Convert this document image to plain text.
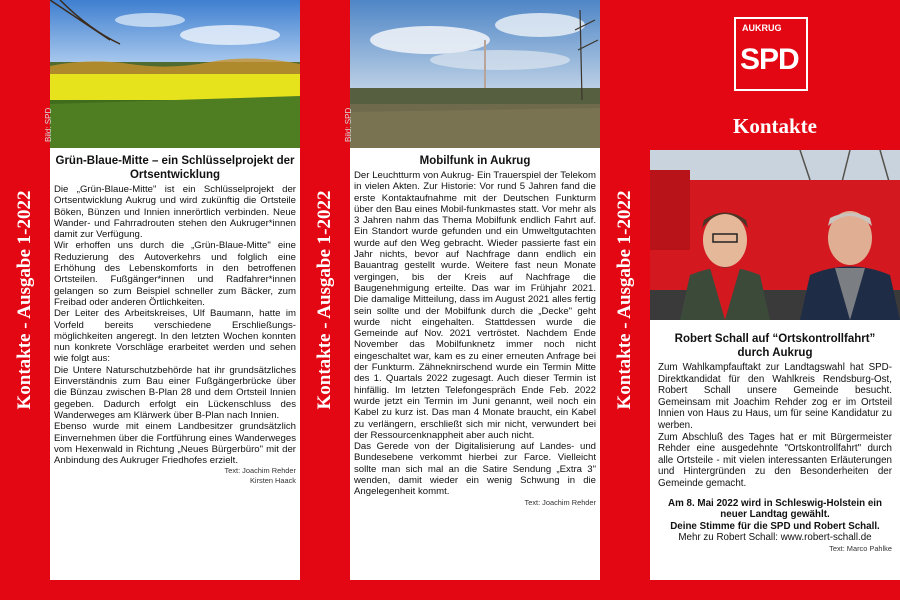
Kontakte - Ausgabe 1-2022	Kontakte - Ausgabe 1-2022	Kontakte - Ausgabe 1-2022
Bild: SPD
Grün-Blaue-Mitte – ein Schlüsselprojekt der Ortsentwicklung

Die „Grün-Blaue-Mitte" ist ein Schlüsselprojekt der Ortsentwicklung Aukrug und wird zukünftig die Ortsteile Böken, Bünzen und Innien innerörtlich verbinden. Neue Wander- und Fahrradrouten stehen den Aukruger*innen damit zur Verfügung.

Wir erhoffen uns durch die „Grün-Blaue-Mitte" eine Reduzierung des Autoverkehrs und folglich eine Erhöhung des Lebenskomforts in den betroffenen Ortsteilen. Fußgänger*innen und Radfahrer*innen gelangen so zum Beispiel schneller zum Bäcker, zum Freibad oder anderen Örtlichkeiten.

Der Leiter des Arbeitskreises, Ulf Baumann, hatte im Vorfeld bereits verschiedene Erschließungs-möglichkeiten angeregt. In den letzten Wochen konnten nun konkrete Vorschläge erarbeitet werden und sehen wie folgt aus:

Die Untere Naturschutzbehörde hat ihr grundsätzliches Einverständnis zum Bau einer Fußgängerbrücke über die Bünzau zwischen B-Plan 28 und dem Ortsteil Innien gegeben. Dadurch erfolgt ein Lückenschluss des Wanderweges am Klärwerk über B-Plan nach Innien.

Ebenso wurde mit einem Landbesitzer grundsätzlich Einvernehmen über die Fortführung eines Wanderweges vom Hexenwald in Richtung „Neues Bürgerbüro" mit der Anbindung des Aukruger Friedhofes erzielt.

Text: Joachim Rehder
Kirsten Haack
Bild: SPD
Mobilfunk in Aukrug

Der Leuchtturm von Aukrug- Ein Trauerspiel der Telekom in vielen Akten. Zur Historie: Vor rund 5 Jahren fand die erste Kontaktaufnahme mit der Deutschen Funkturm über den Bau eines Mobil-funkmastes statt. Vor mehr als 3 Jahren nahm das Thema Mobilfunk endlich Fahrt auf. Ein Standort wurde gefunden und ein Umweltgutachten wurde auf den Weg gebracht. Wieder passierte fast ein Jahr nichts, bevor auf Nachfrage dann endlich ein Bauantrag gestellt wurde. Weitere fast neun Monate vergingen, bis der Kreis auf Nachfrage die Baugenehmigung erteilte. Das war im Frühjahr 2021. Die damalige Mitteilung, dass im August 2021 alles fertig sein sollte und der Mobilfunk durch die „Decke" geht wurde nicht eingehalten. Stattdessen wurde die Gemeinde auf Nov. 2021 vertröstet. Nachdem Ende November das Mobilfunknetz immer noch nicht eingeschaltet war, kam es zu einer erneuten Anfrage bei der Funkturm. Zähneknirschend wurde ein Termin Mitte des 1. Quartals 2022 zugesagt. Auch dieser Termin ist hinfällig. Im letzten Telefongespräch Ende Feb. 2022 wurde jetzt ein Termin im Juni genannt, weil noch ein Kabel zu kurz ist. Das man 4 Monate braucht, ein Kabel zu verlängern, erschließt sich mir nicht, verwundert bei der Ressourcenknappheit aber auch nicht.

Das Gerede von der Digitalisierung auf Landes- und Bundesebene verkommt hierbei zur Farce. Vielleicht sollte man sich mal an die Satire Sendung „Extra 3" wenden, damit wieder ein wenig Schwung in die Angelegenheit kommt.

Text: Joachim Rehder
AUKRUG
SPD
Kontakte
Robert Schall auf “Ortskontrollfahrt” durch Aukrug

Zum Wahlkampfauftakt zur Landtagswahl hat SPD-Direktkandidat für den Wahlkreis Rendsburg-Ost, Robert Schall unsere Gemeinde besucht. Gemeinsam mit Joachim Rehder zog er im Ortsteil Innien von Haus zu Haus, um für seine Kandidatur zu werben.

Zum Abschluß des Tages hat er mit Bürgermeister Rehder eine ausgedehnte "Ortskontrollfahrt" durch alle Ortsteile - mit vielen interessanten Erläuterungen und Hintergründen zu den Besonderheiten der Gemeinde gemacht.

Am 8. Mai 2022 wird in Schleswig-Holstein ein neuer Landtag gewählt.
Deine Stimme für die SPD und Robert Schall.
Mehr zu Robert Schall: www.robert-schall.de
Text: Marco Pahlke
